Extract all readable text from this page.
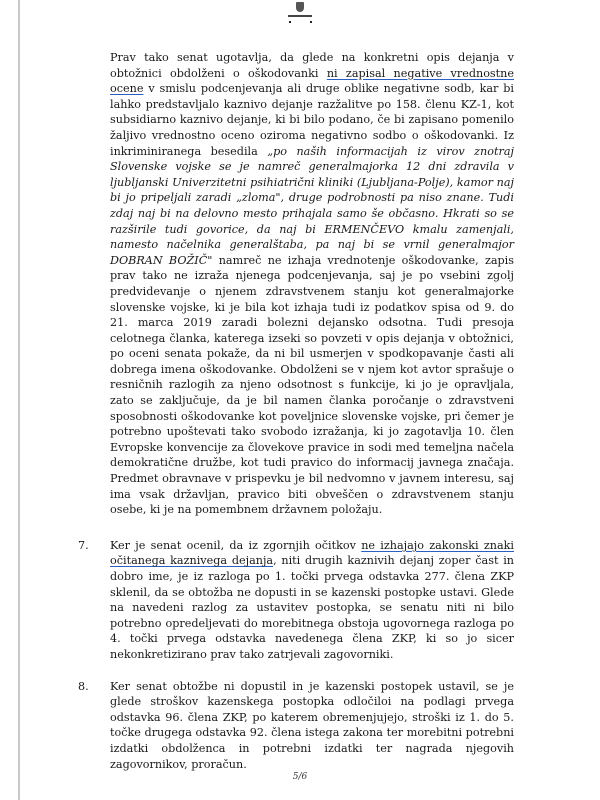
Prav tako senat ugotavlja, da glede na konkretni opis dejanja v obtožnici obdolženi o oškodovanki ni zapisal negative vrednostne ocene v smislu podcenjevanja ali druge oblike negativne sodb, kar bi lahko predstavljalo kaznivo dejanje razžalitve po 158. členu KZ-1, kot subsidiarno kaznivo dejanje, ki bi bilo podano, če bi zapisano pomenilo žaljivo vrednostno oceno oziroma negativno sodbo o oškodovanki. Iz inkriminiranega besedila „po naših informacijah iz virov znotraj Slovenske vojske se je namreč generalmajorka 12 dni zdravila v ljubljanski Univerzitetni psihiatrični kliniki (Ljubljana-Polje), kamor naj bi jo pripeljali zaradi „zloma", druge podrobnosti pa niso znane. Tudi zdaj naj bi na delovno mesto prihajala samo še občasno. Hkrati so se razširile tudi govorice, da naj bi ERMENČEVO kmalu zamenjali, namesto načelnika generalštaba, pa naj bi se vrnil generalmajor DOBRAN BOŽIČ" namreč ne izhaja vrednotenje oškodovanke, zapis prav tako ne izraža njenega podcenjevanja, saj je po vsebini zgolj predvidevanje o njenem zdravstvenem stanju kot generalmajorke slovenske vojske, ki je bila kot izhaja tudi iz podatkov spisa od 9. do 21. marca 2019 zaradi bolezni dejansko odsotna. Tudi presoja celotnega članka, katerega izseki so povzeti v opis dejanja v obtožnici, po oceni senata pokaže, da ni bil usmerjen v spodkopavanje časti ali dobrega imena oškodovanke. Obdolženi se v njem kot avtor sprašuje o resničnih razlogih za njeno odsotnost s funkcije, ki jo je opravljala, zato se zaključuje, da je bil namen članka poročanje o zdravstveni sposobnosti oškodovanke kot poveljnice slovenske vojske, pri čemer je potrebno upoštevati tako svobodo izražanja, ki jo zagotavlja 10. člen Evropske konvencije za človekove pravice in sodi med temeljna načela demokratične družbe, kot tudi pravico do informacij javnega značaja. Predmet obravnave v prispevku je bil nedvomno v javnem interesu, saj ima vsak državljan, pravico biti obveščen o zdravstvenem stanju osebe, ki je na pomembnem državnem položaju.

7. Ker je senat ocenil, da iz zgornjih očitkov ne izhajajo zakonski znaki očitanega kaznivega dejanja, niti drugih kaznivih dejanj zoper čast in dobro ime, je iz razloga po 1. točki prvega odstavka 277. člena ZKP sklenil, da se obtožba ne dopusti in se kazenski postopke ustavi. Glede na navedeni razlog za ustavitev postopka, se senatu niti ni bilo potrebno opredeljevati do morebitnega obstoja ugovornega razloga po 4. točki prvega odstavka navedenega člena ZKP, ki so jo sicer nekonkretizirano prav tako zatrjevali zagovorniki.

8. Ker senat obtožbe ni dopustil in je kazenski postopek ustavil, se je glede stroškov kazenskega postopka odločiloi na podlagi prvega odstavka 96. člena ZKP, po katerem obremenjujejo, stroški iz 1. do 5. točke drugega odstavka 92. člena istega zakona ter morebitni potrebni izdatki obdolženca in potrebni izdatki ter nagrada njegovih zagovornikov, proračun.

5/6
